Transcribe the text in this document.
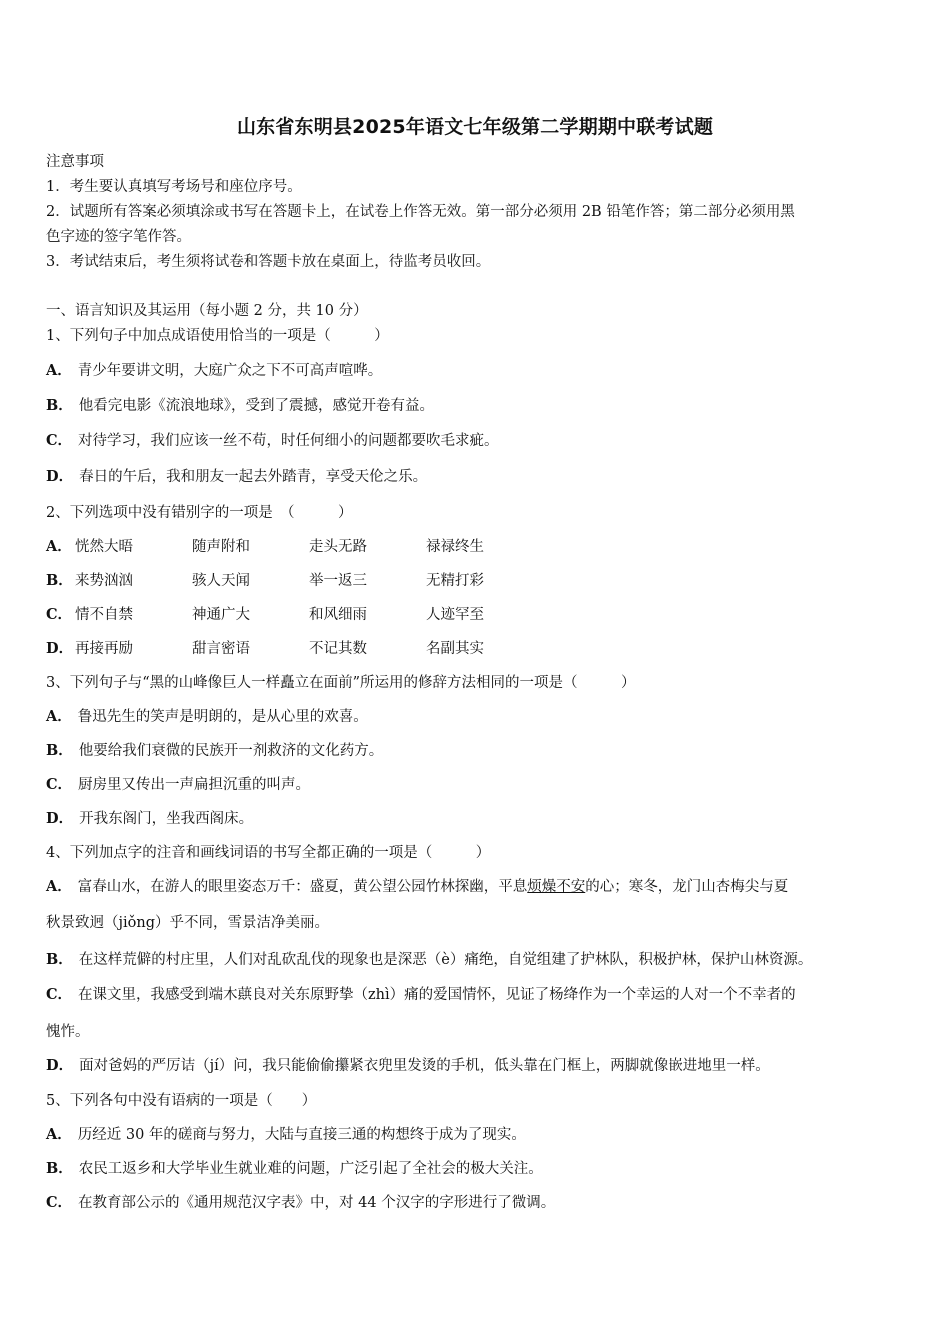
山东省东明县2025年语文七年级第二学期期中联考试题
注意事项
1．考生要认真填写考场号和座位序号。
2．试题所有答案必须填涂或书写在答题卡上，在试卷上作答无效。第一部分必须用 2B 铅笔作答；第二部分必须用黑
色字迹的签字笔作答。
3．考试结束后，考生须将试卷和答题卡放在桌面上，待监考员收回。
一、语言知识及其运用（每小题 2 分，共 10 分）
1、下列句子中加点成语使用恰当的一项是（　　　）
A． 青少年要讲文明，大庭广众之下不可高声喧哗。
B． 他看完电影《流浪地球》，受到了震撼，感觉开卷有益。
C． 对待学习，我们应该一丝不苟，时任何细小的问题都要吹毛求疵。
D． 春日的午后，我和朋友一起去外踏青，享受天伦之乐。
2、下列选项中没有错别字的一项是　（　　　）
A． 恍然大晤	随声附和	走头无路	禄禄终生
B． 来势汹汹	骇人天闻	举一返三	无精打彩
C． 情不自禁	神通广大	和风细雨	人迹罕至
D． 再接再励	甜言密语	不记其数	名副其实
3、下列句子与“黑的山峰像巨人一样矗立在面前”所运用的修辞方法相同的一项是（　　　）
A． 鲁迅先生的笑声是明朗的，是从心里的欢喜。
B． 他要给我们衰微的民族开一剂救济的文化药方。
C． 厨房里又传出一声扁担沉重的叫声。
D． 开我东阁门，坐我西阁床。
4、下列加点字的注音和画线词语的书写全都正确的一项是（　　　）
A． 富春山水，在游人的眼里姿态万千：盛夏，黄公望公园竹林探幽，平息烦燥不安的心；寒冬，龙门山杏梅尖与夏
秋景致迥（jiǒng）乎不同，雪景洁净美丽。
B． 在这样荒僻的村庄里，人们对乱砍乱伐的现象也是深恶（è）痛绝，自觉组建了护林队，积极护林，保护山林资源。
C． 在课文里，我感受到端木蕻良对关东原野挚（zhì）痛的爱国情怀，见证了杨绛作为一个幸运的人对一个不幸者的
愧怍。
D． 面对爸妈的严厉诘（jí）问，我只能偷偷攥紧衣兜里发烫的手机，低头靠在门框上，两脚就像嵌进地里一样。
5、下列各句中没有语病的一项是（　　）
A． 历经近 30 年的磋商与努力，大陆与直接三通的构想终于成为了现实。
B． 农民工返乡和大学毕业生就业难的问题，广泛引起了全社会的极大关注。
C． 在教育部公示的《通用规范汉字表》中，对 44 个汉字的字形进行了微调。
